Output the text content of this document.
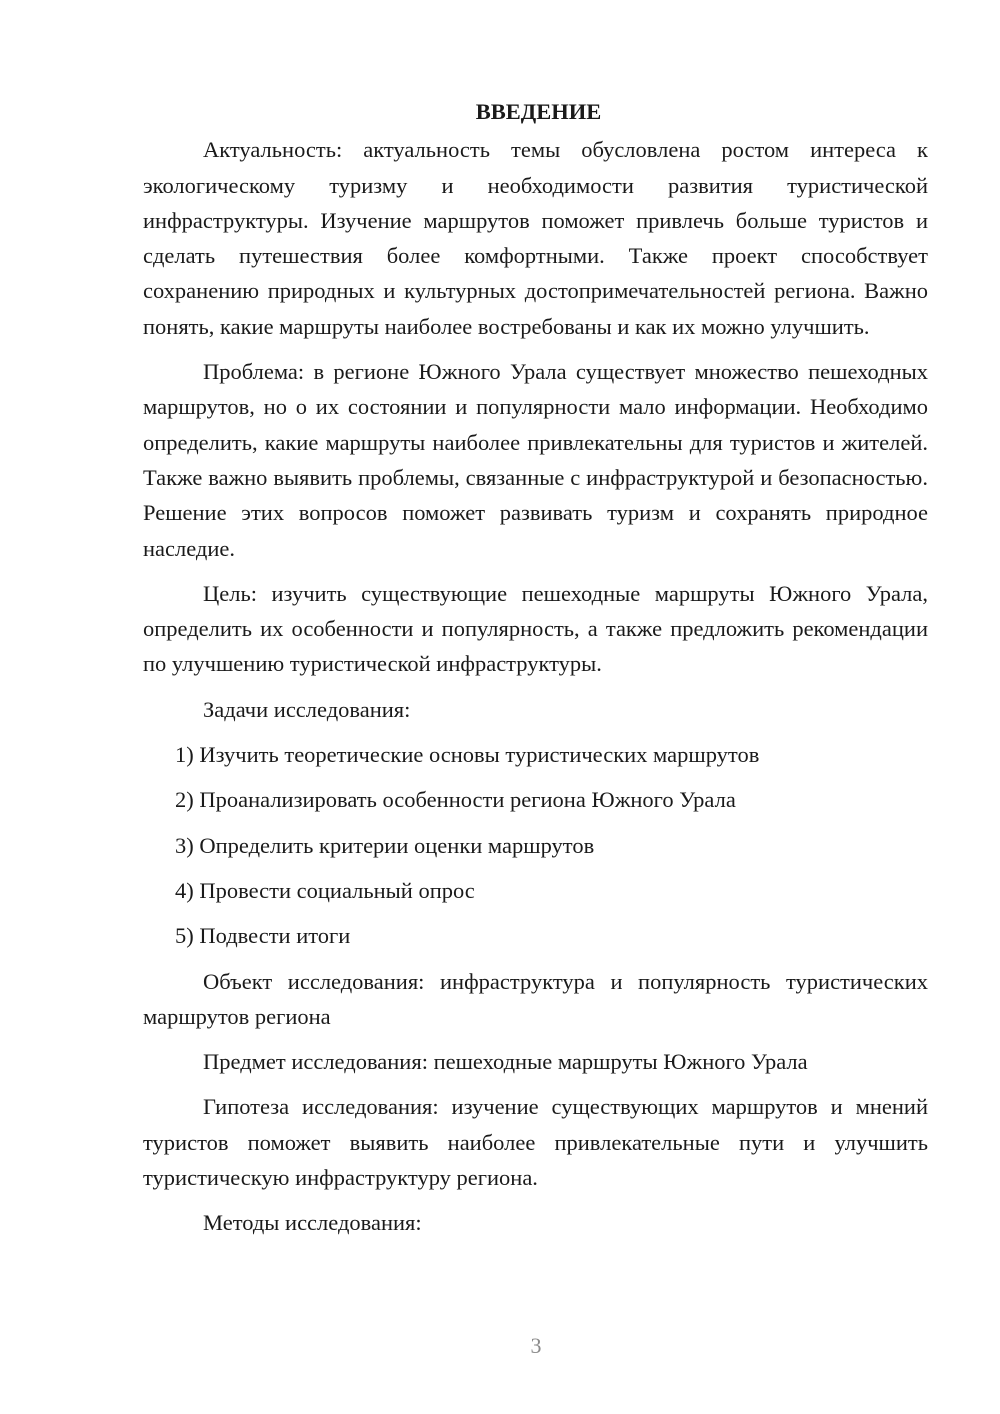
ВВЕДЕНИЕ

Актуальность: актуальность темы обусловлена ростом интереса к экологическому туризму и необходимости развития туристической инфраструктуры. Изучение маршрутов поможет привлечь больше туристов и сделать путешествия более комфортными. Также проект способствует сохранению природных и культурных достопримечательностей региона. Важно понять, какие маршруты наиболее востребованы и как их можно улучшить.

Проблема: в регионе Южного Урала существует множество пешеходных маршрутов, но о их состоянии и популярности мало информации. Необходимо определить, какие маршруты наиболее привлекательны для туристов и жителей. Также важно выявить проблемы, связанные с инфраструктурой и безопасностью. Решение этих вопросов поможет развивать туризм и сохранять природное наследие.

Цель: изучить существующие пешеходные маршруты Южного Урала, определить их особенности и популярность, а также предложить рекомендации по улучшению туристической инфраструктуры.

Задачи исследования:

1) Изучить теоретические основы туристических маршрутов
2) Проанализировать особенности региона Южного Урала
3) Определить критерии оценки маршрутов
4) Провести социальный опрос
5) Подвести итоги

Объект исследования: инфраструктура и популярность туристических маршрутов региона

Предмет исследования: пешеходные маршруты Южного Урала

Гипотеза исследования: изучение существующих маршрутов и мнений туристов поможет выявить наиболее привлекательные пути и улучшить туристическую инфраструктуру региона.

Методы исследования:

3
